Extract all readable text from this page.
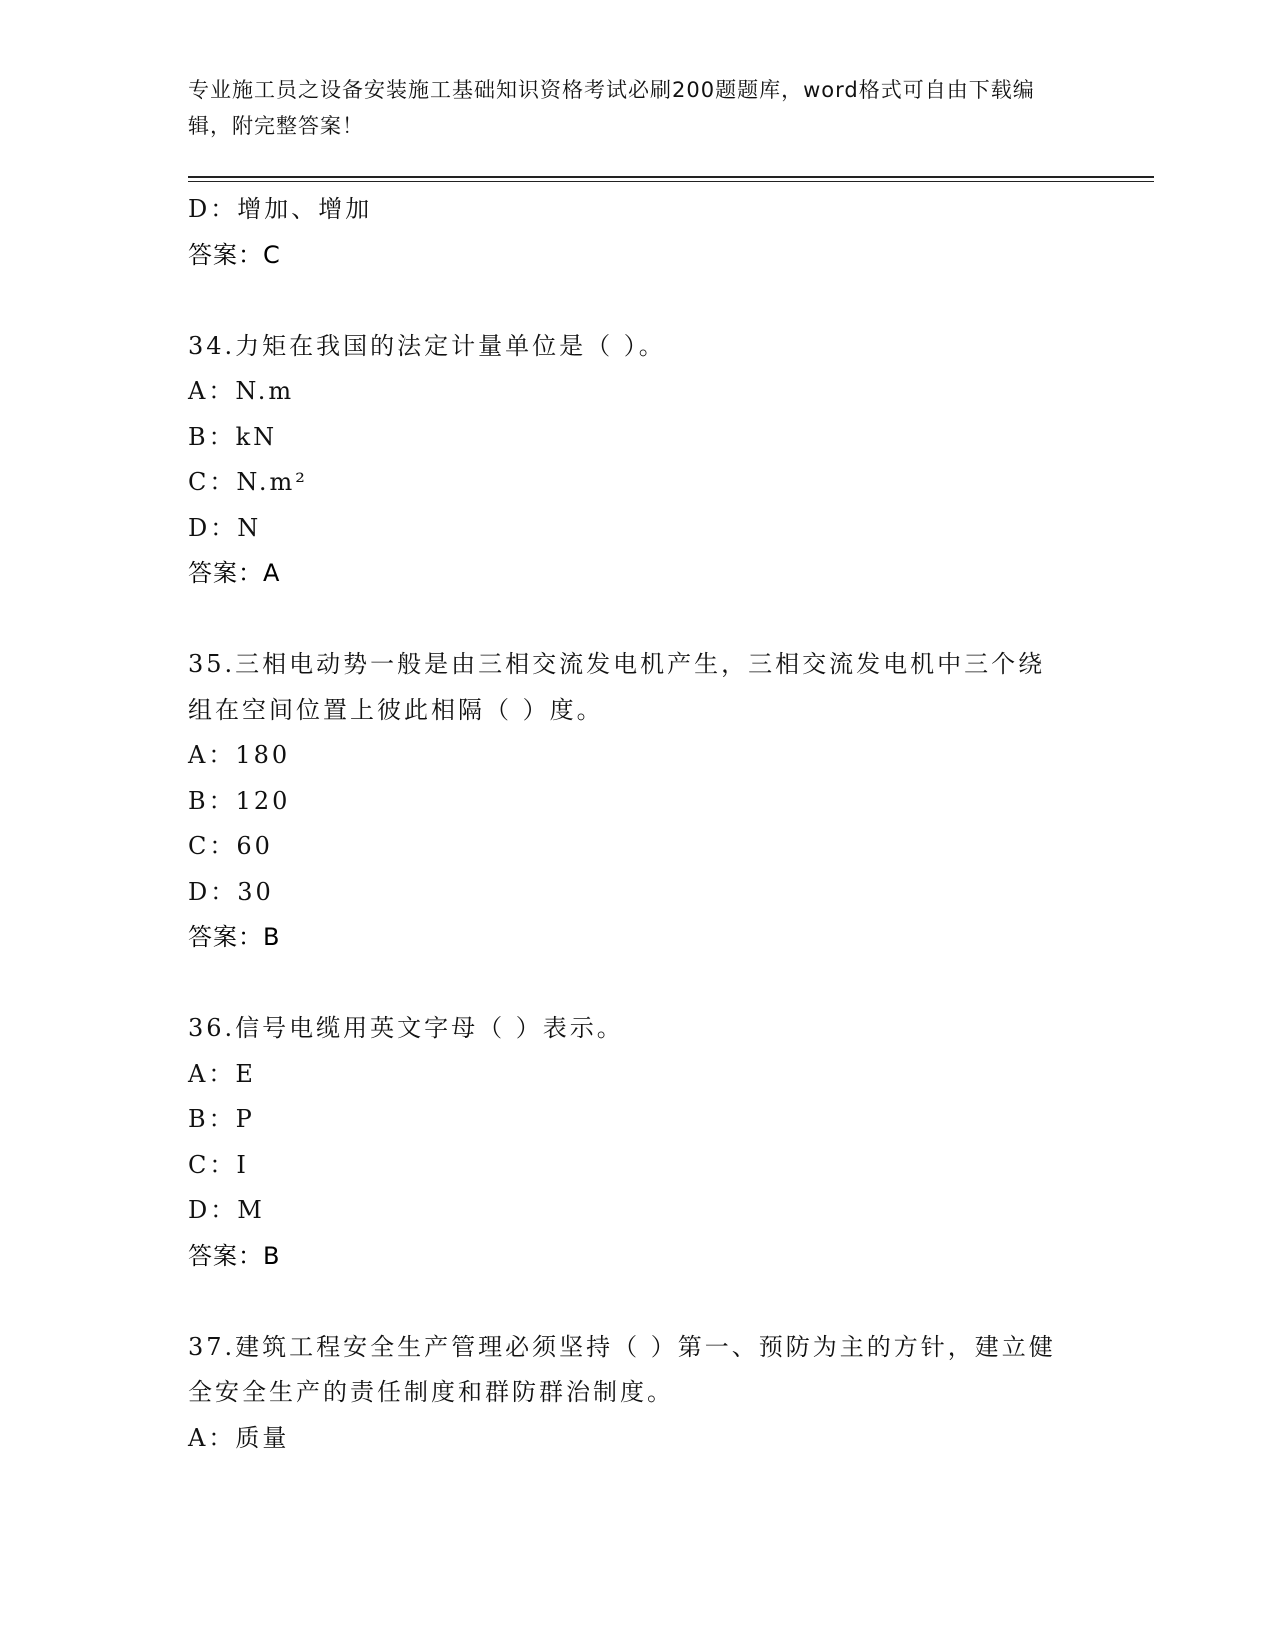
专业施工员之设备安装施工基础知识资格考试必刷200题题库，word格式可自由下载编辑，附完整答案！
D：增加、增加
答案：C
34.力矩在我国的法定计量单位是（ ）。
A：N.m
B：kN
C：N.m²
D：N
答案：A
35.三相电动势一般是由三相交流发电机产生，三相交流发电机中三个绕组在空间位置上彼此相隔（ ）度。
A：180
B：120
C：60
D：30
答案：B
36.信号电缆用英文字母（ ）表示。
A：E
B：P
C：I
D：M
答案：B
37.建筑工程安全生产管理必须坚持（ ）第一、预防为主的方针，建立健全安全生产的责任制度和群防群治制度。
A：质量
